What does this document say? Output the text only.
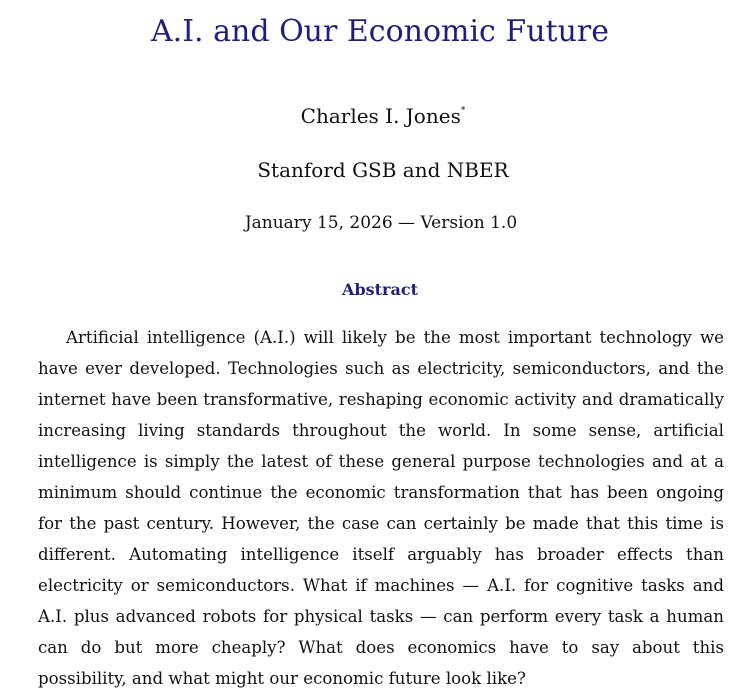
A.I. and Our Economic Future
Charles I. Jones*
Stanford GSB and NBER
January 15, 2026 — Version 1.0
Abstract
Artificial intelligence (A.I.) will likely be the most important technology we have ever developed. Technologies such as electricity, semiconductors, and the internet have been transformative, reshaping economic activity and dramatically increasing living standards throughout the world. In some sense, artificial intelligence is simply the latest of these general purpose technologies and at a minimum should continue the economic transformation that has been ongoing for the past century. However, the case can certainly be made that this time is different. Automating intelligence itself arguably has broader effects than electricity or semiconductors. What if machines — A.I. for cognitive tasks and A.I. plus advanced robots for physical tasks — can perform every task a human can do but more cheaply? What does economics have to say about this possibility, and what might our economic future look like?
